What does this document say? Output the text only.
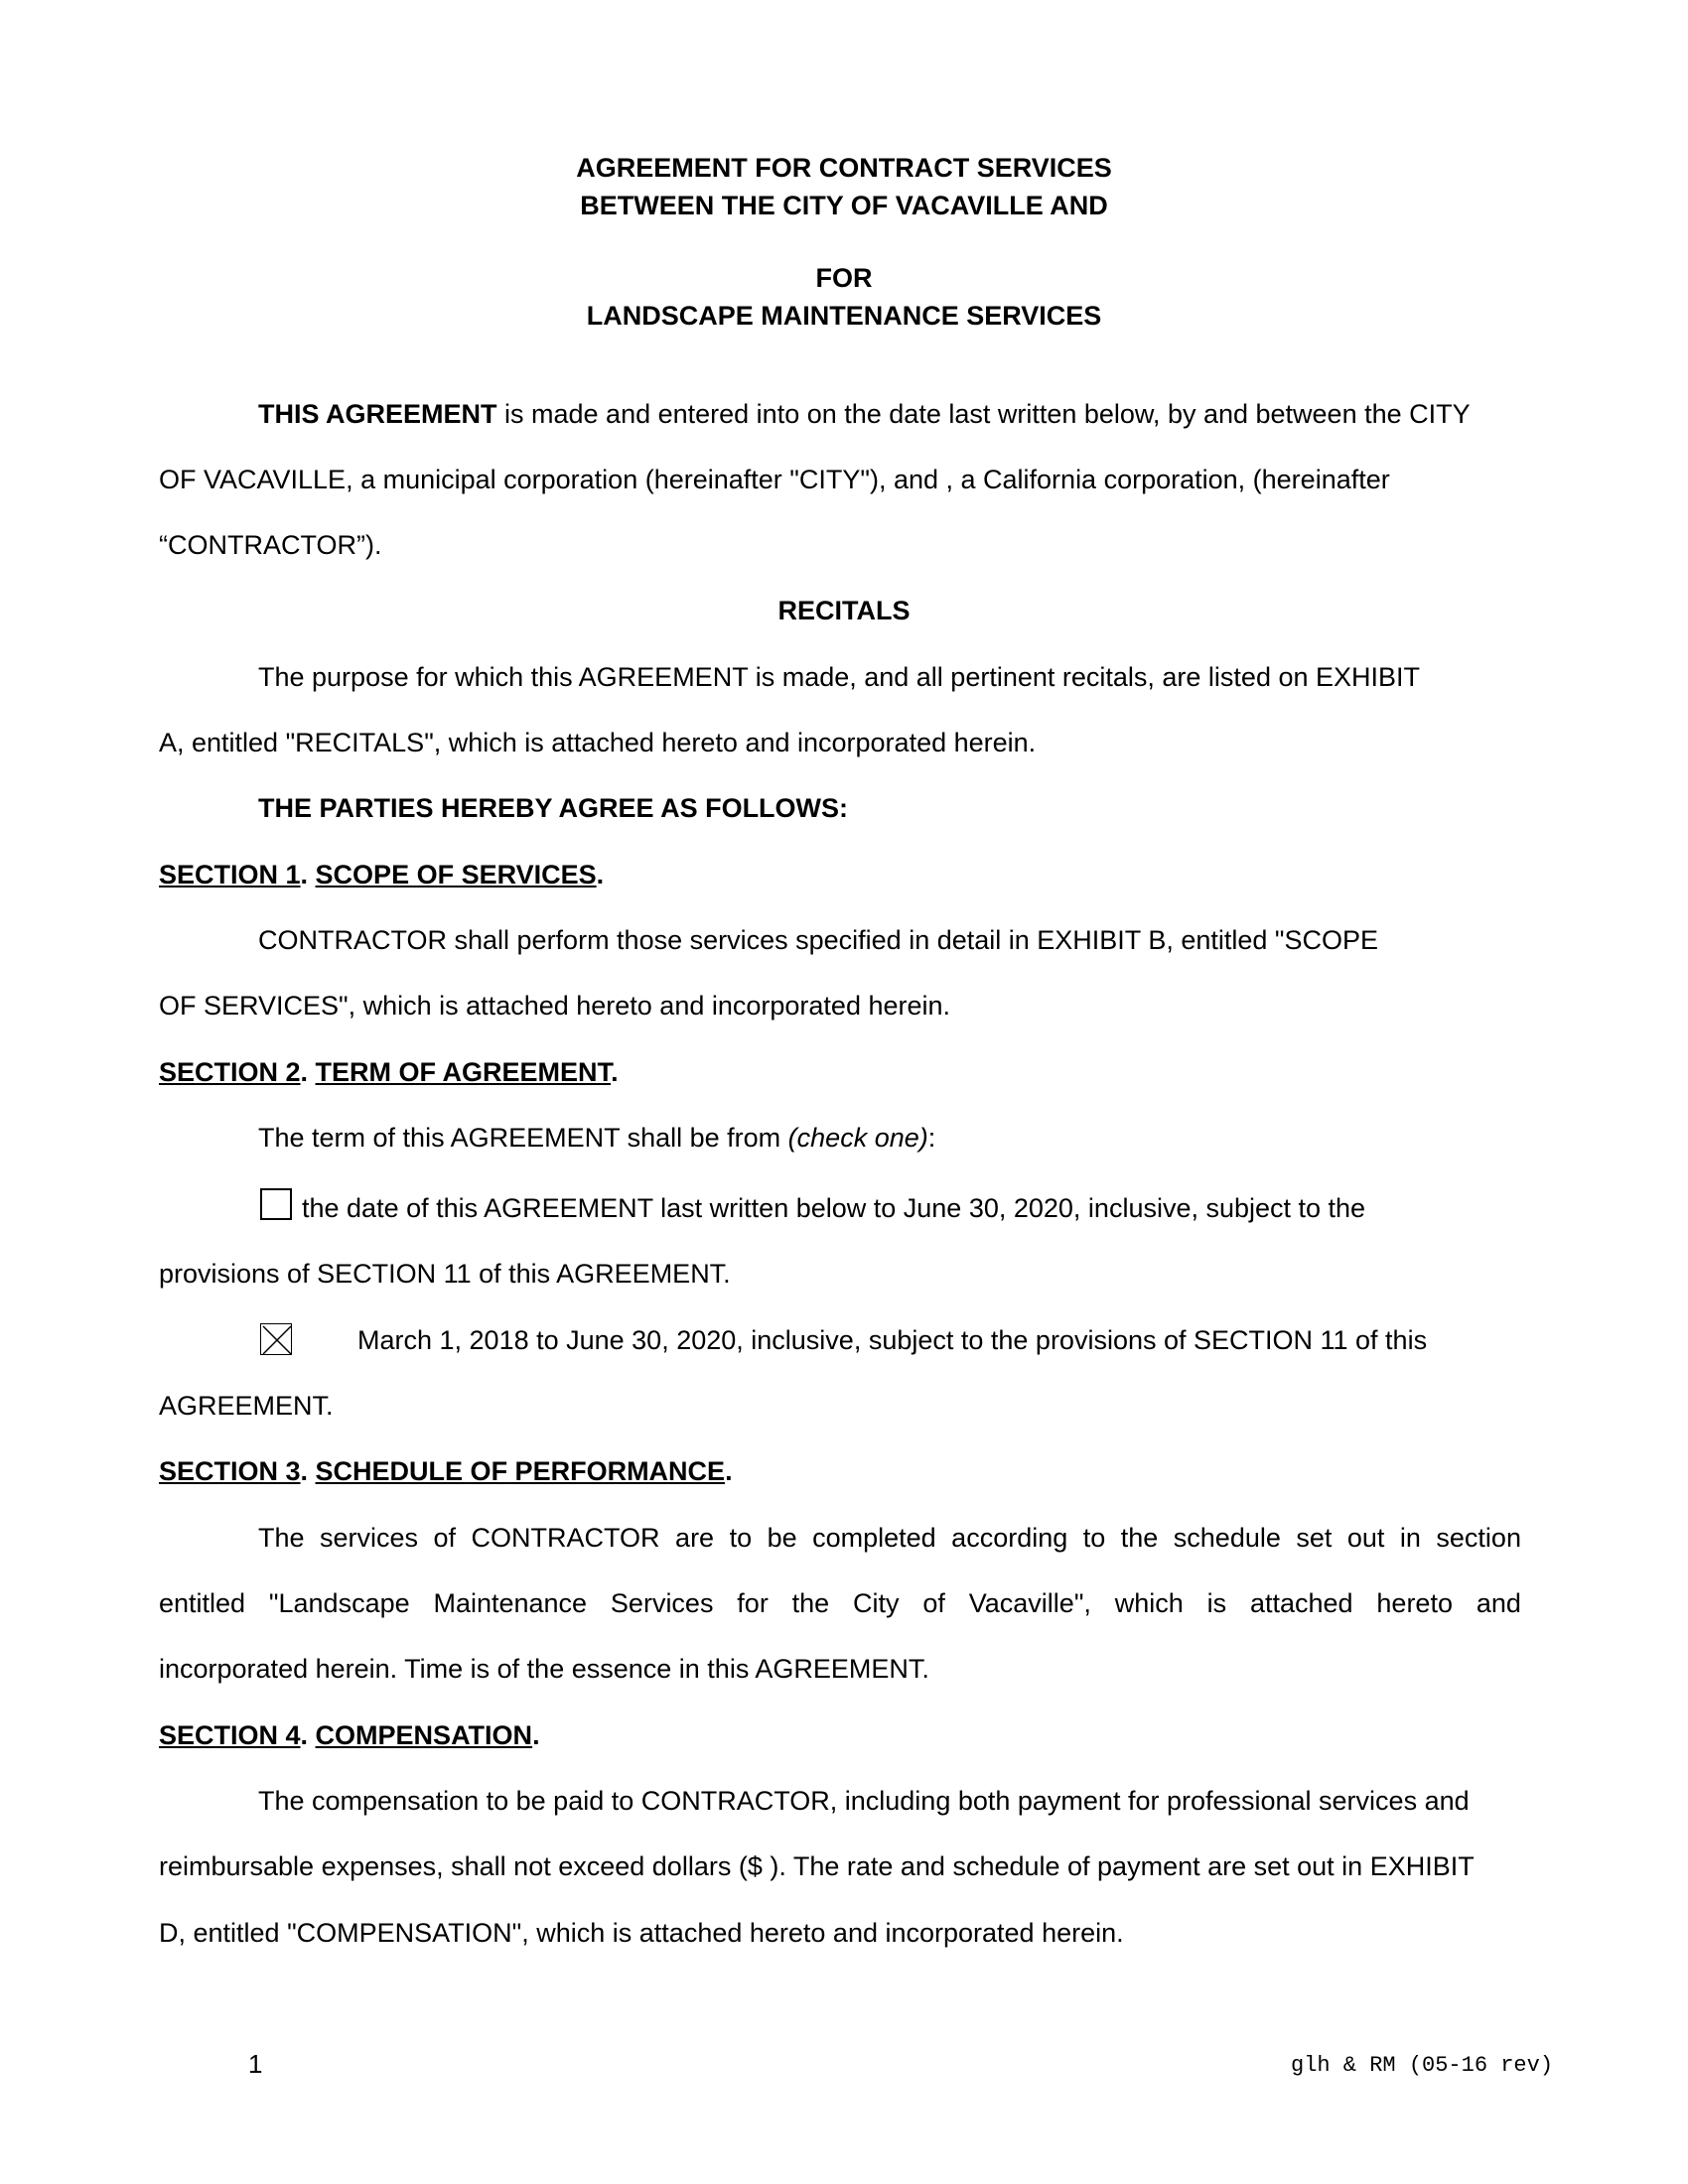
AGREEMENT FOR CONTRACT SERVICES
BETWEEN THE CITY OF VACAVILLE AND
FOR
LANDSCAPE MAINTENANCE SERVICES
THIS AGREEMENT is made and entered into on the date last written below, by and between the CITY
OF VACAVILLE, a municipal corporation (hereinafter "CITY"), and , a California corporation, (hereinafter
“CONTRACTOR”).
RECITALS
The purpose for which this AGREEMENT is made, and all pertinent recitals, are listed on EXHIBIT
A, entitled "RECITALS", which is attached hereto and incorporated herein.
THE PARTIES HEREBY AGREE AS FOLLOWS:
SECTION 1. SCOPE OF SERVICES.
CONTRACTOR shall perform those services specified in detail in EXHIBIT B, entitled "SCOPE
OF SERVICES", which is attached hereto and incorporated herein.
SECTION 2. TERM OF AGREEMENT.
The term of this AGREEMENT shall be from (check one):
the date of this AGREEMENT last written below to June 30, 2020, inclusive, subject to the
provisions of SECTION 11 of this AGREEMENT.
March 1, 2018 to June 30, 2020, inclusive, subject to the provisions of SECTION 11 of this
AGREEMENT.
SECTION 3. SCHEDULE OF PERFORMANCE.
The services of CONTRACTOR are to be completed according to the schedule set out in section
entitled "Landscape Maintenance Services for the City of Vacaville", which is attached hereto and
incorporated herein. Time is of the essence in this AGREEMENT.
SECTION 4. COMPENSATION.
The compensation to be paid to CONTRACTOR, including both payment for professional services and
reimbursable expenses, shall not exceed dollars ($ ). The rate and schedule of payment are set out in EXHIBIT
D, entitled "COMPENSATION", which is attached hereto and incorporated herein.
1	glh & RM (05-16 rev)
